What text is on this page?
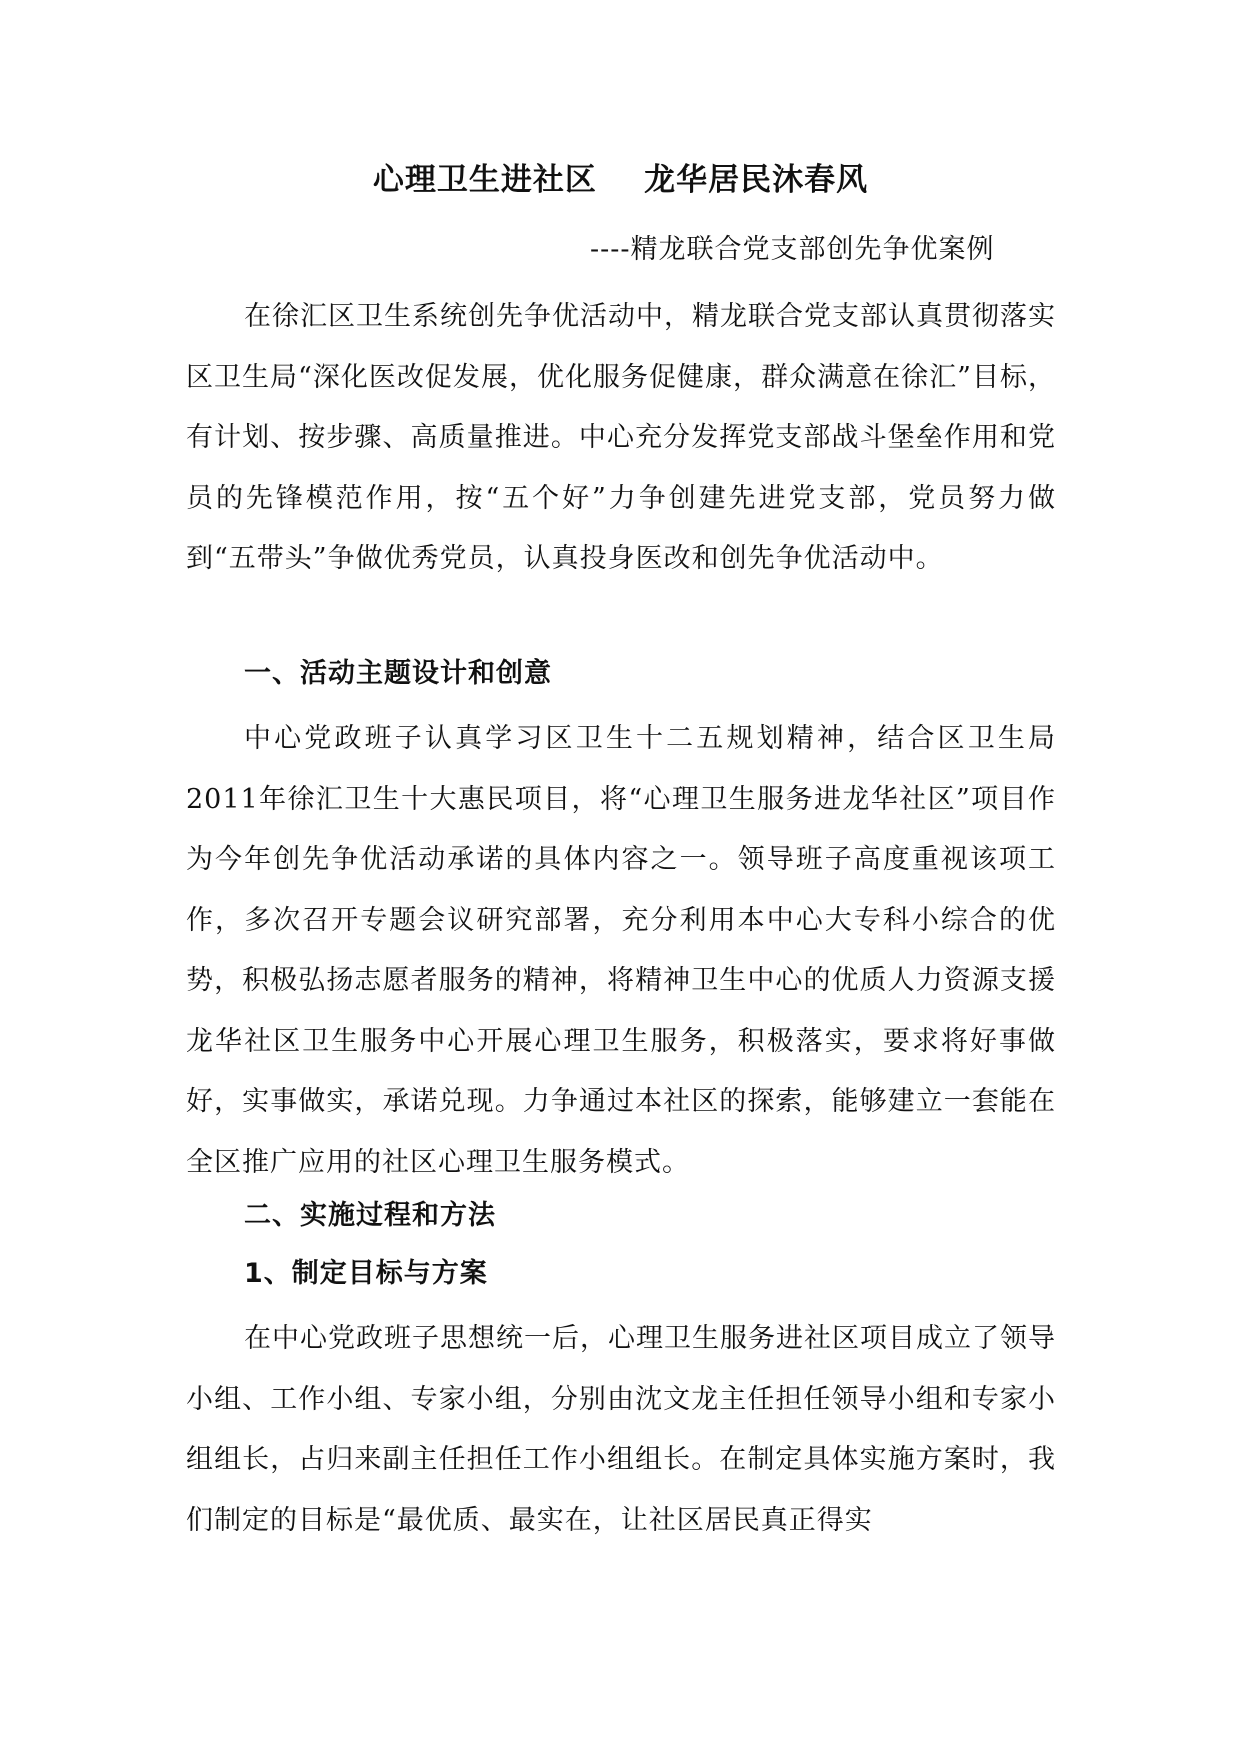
心理卫生进社区    龙华居民沐春风
----精龙联合党支部创先争优案例

在徐汇区卫生系统创先争优活动中，精龙联合党支部认真贯彻落实区卫生局“深化医改促发展，优化服务促健康，群众满意在徐汇”目标，有计划、按步骤、高质量推进。中心充分发挥党支部战斗堡垒作用和党员的先锋模范作用，按“五个好”力争创建先进党支部，党员努力做到“五带头”争做优秀党员，认真投身医改和创先争优活动中。

一、活动主题设计和创意

中心党政班子认真学习区卫生十二五规划精神，结合区卫生局2011年徐汇卫生十大惠民项目，将“心理卫生服务进龙华社区”项目作为今年创先争优活动承诺的具体内容之一。领导班子高度重视该项工作，多次召开专题会议研究部署，充分利用本中心大专科小综合的优势，积极弘扬志愿者服务的精神，将精神卫生中心的优质人力资源支援龙华社区卫生服务中心开展心理卫生服务，积极落实，要求将好事做好，实事做实，承诺兑现。力争通过本社区的探索，能够建立一套能在全区推广应用的社区心理卫生服务模式。

二、实施过程和方法
1、制定目标与方案

在中心党政班子思想统一后，心理卫生服务进社区项目成立了领导小组、工作小组、专家小组，分别由沈文龙主任担任领导小组和专家小组组长，占归来副主任担任工作小组组长。在制定具体实施方案时，我们制定的目标是“最优质、最实在，让社区居民真正得实
